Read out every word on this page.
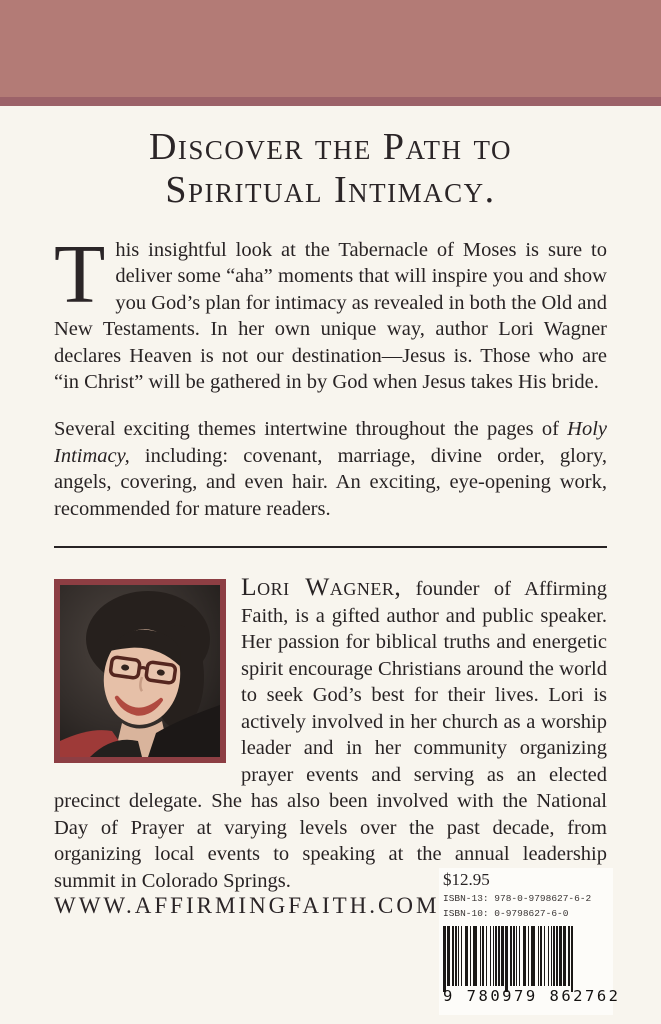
Discover the Path to
Spiritual Intimacy.

This insightful look at the Tabernacle of Moses is sure to deliver some “aha” moments that will inspire you and show you God’s plan for intimacy as revealed in both the Old and New Testaments. In her own unique way, author Lori Wagner declares Heaven is not our destination—Jesus is. Those who are “in Christ” will be gathered in by God when Jesus takes His bride.

Several exciting themes intertwine throughout the pages of Holy Intimacy, including: covenant, marriage, divine order, glory, angels, covering, and even hair. An exciting, eye-opening work, recommended for mature readers.

Lori Wagner, founder of Affirming Faith, is a gifted author and public speaker. Her passion for biblical truths and energetic spirit encourage Christians around the world to seek God’s best for their lives. Lori is actively involved in her church as a worship leader and in her community organizing prayer events and serving as an elected precinct delegate. She has also been involved with the National Day of Prayer at varying levels over the past decade, from organizing local events to speaking at the annual leadership summit in Colorado Springs.
WWW.AFFIRMINGFAITH.COM
$12.95
ISBN-13: 978-0-9798627-6-2
ISBN-10: 0-9798627-6-0
9 780979 862762
